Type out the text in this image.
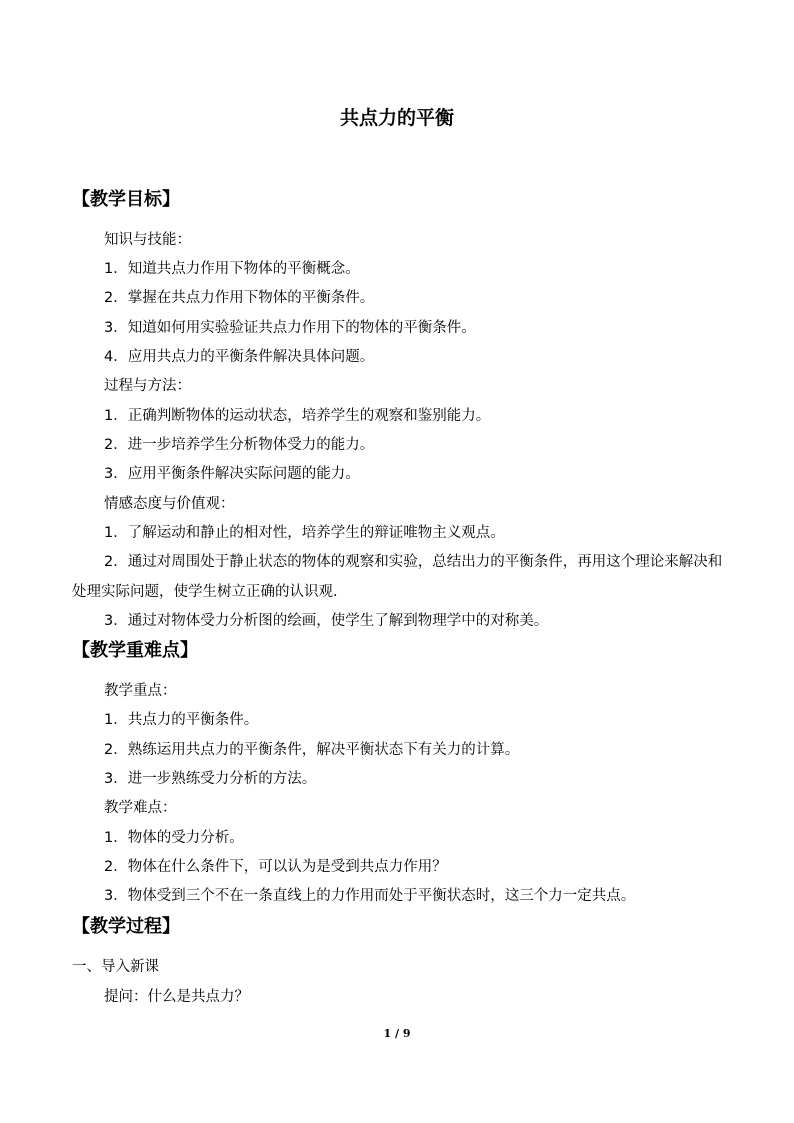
共点力的平衡
【教学目标】
知识与技能：
1．知道共点力作用下物体的平衡概念。
2．掌握在共点力作用下物体的平衡条件。
3．知道如何用实验验证共点力作用下的物体的平衡条件。
4．应用共点力的平衡条件解决具体问题。
过程与方法：
1．正确判断物体的运动状态，培养学生的观察和鉴别能力。
2．进一步培养学生分析物体受力的能力。
3．应用平衡条件解决实际问题的能力。
情感态度与价值观：
1．了解运动和静止的相对性，培养学生的辩证唯物主义观点。
2．通过对周围处于静止状态的物体的观察和实验，总结出力的平衡条件，再用这个理论来解决和处理实际问题，使学生树立正确的认识观.
3．通过对物体受力分析图的绘画，使学生了解到物理学中的对称美。
【教学重难点】
教学重点：
1．共点力的平衡条件。
2．熟练运用共点力的平衡条件，解决平衡状态下有关力的计算。
3．进一步熟练受力分析的方法。
教学难点：
1．物体的受力分析。
2．物体在什么条件下，可以认为是受到共点力作用？
3．物体受到三个不在一条直线上的力作用而处于平衡状态时，这三个力一定共点。
【教学过程】
一、导入新课
提问：什么是共点力？
1 / 9
